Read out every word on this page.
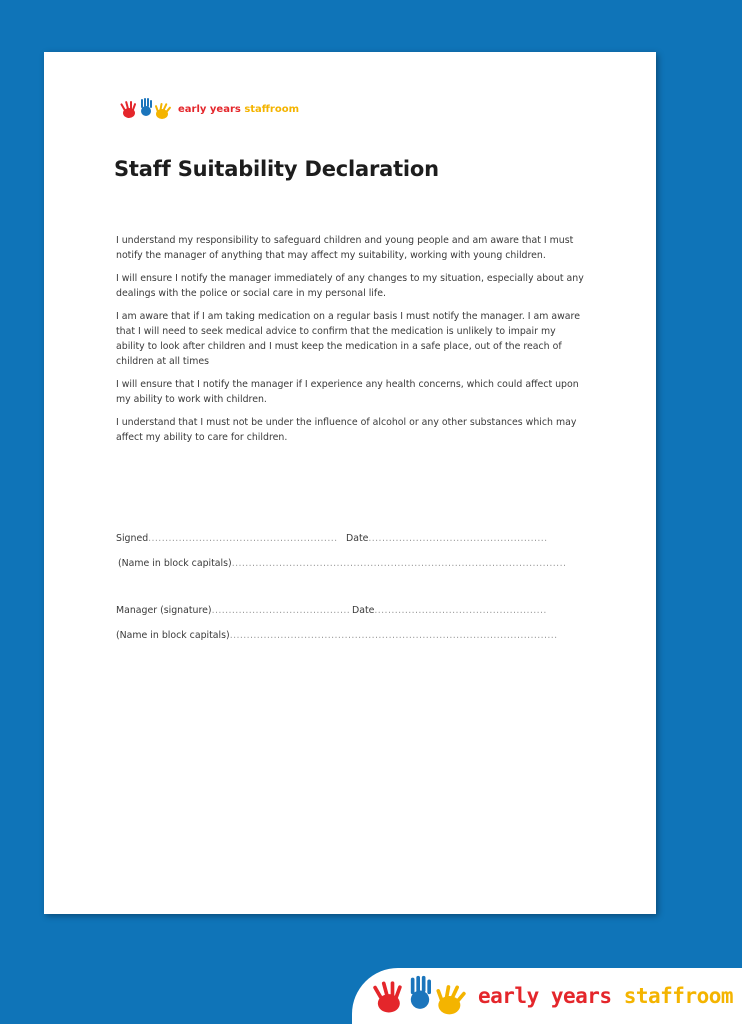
early years staffroom
Staff Suitability Declaration

I understand my responsibility to safeguard children and young people and am aware that I must notify the manager of anything that may affect my suitability, working with young children.

I will ensure I notify the manager immediately of any changes to my situation, especially about any dealings with the police or social care in my personal life.

I am aware that if I am taking medication on a regular basis I must notify the manager. I am aware that I will need to seek medical advice to confirm that the medication is unlikely to impair my ability to look after children and I must keep the medication in a safe place, out of the reach of children at all times

I will ensure that I notify the manager if I experience any health concerns, which could affect upon my ability to work with children.

I understand that I must not be under the influence of alcohol or any other substances which may affect my ability to care for children.

Signed........................................................ Date.....................................................
(Name in block capitals)...................................................................................................
Manager (signature)......................................... Date...................................................
(Name in block capitals).................................................................................................
early years staffroom
